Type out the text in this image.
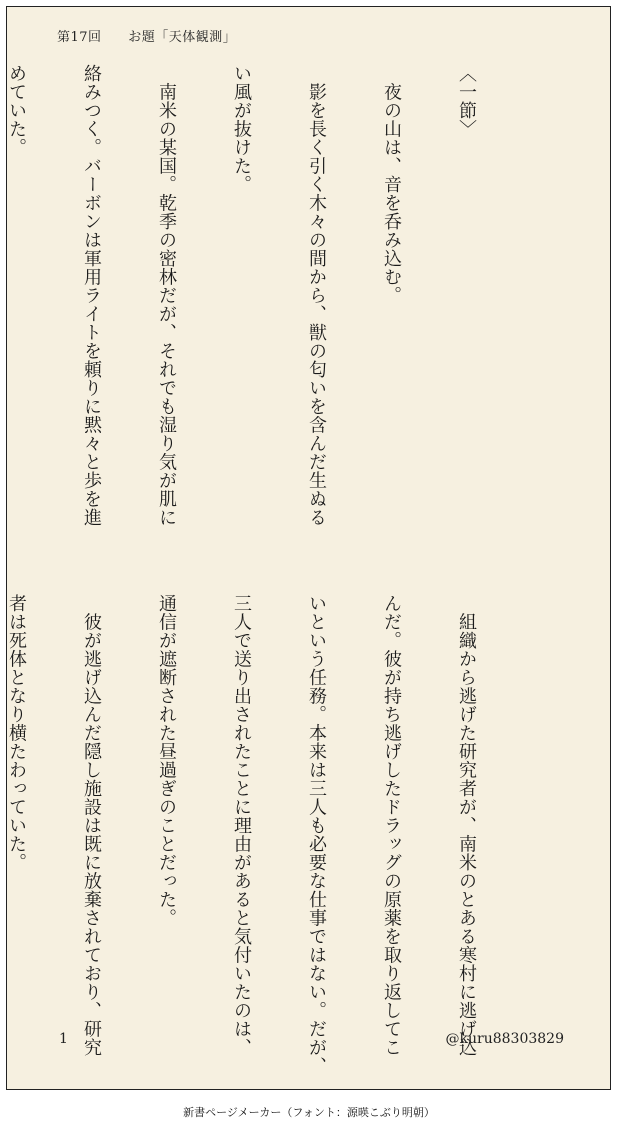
第17回 お題「天体観測」

〈一節〉

　夜の山は、音を呑み込む。

　影を長く引く木々の間から、獣の匂いを含んだ生ぬる

い風が抜けた。

　南米の某国。乾季の密林だが、それでも湿り気が肌に

絡みつく。バーボンは軍用ライトを頼りに黙々と歩を進

めていた。

　組織から逃げた研究者が、南米のとある寒村に逃げ込

んだ。彼が持ち逃げしたドラッグの原薬を取り返してこ

いという任務。本来は三人も必要な仕事ではない。だが、

三人で送り出されたことに理由があると気付いたのは、

通信が遮断された昼過ぎのことだった。

　彼が逃げ込んだ隠し施設は既に放棄されており、研究

者は死体となり横たわっていた。

1	@kuru88303829
新書ページメーカー（フォント：源暎こぶり明朝）
